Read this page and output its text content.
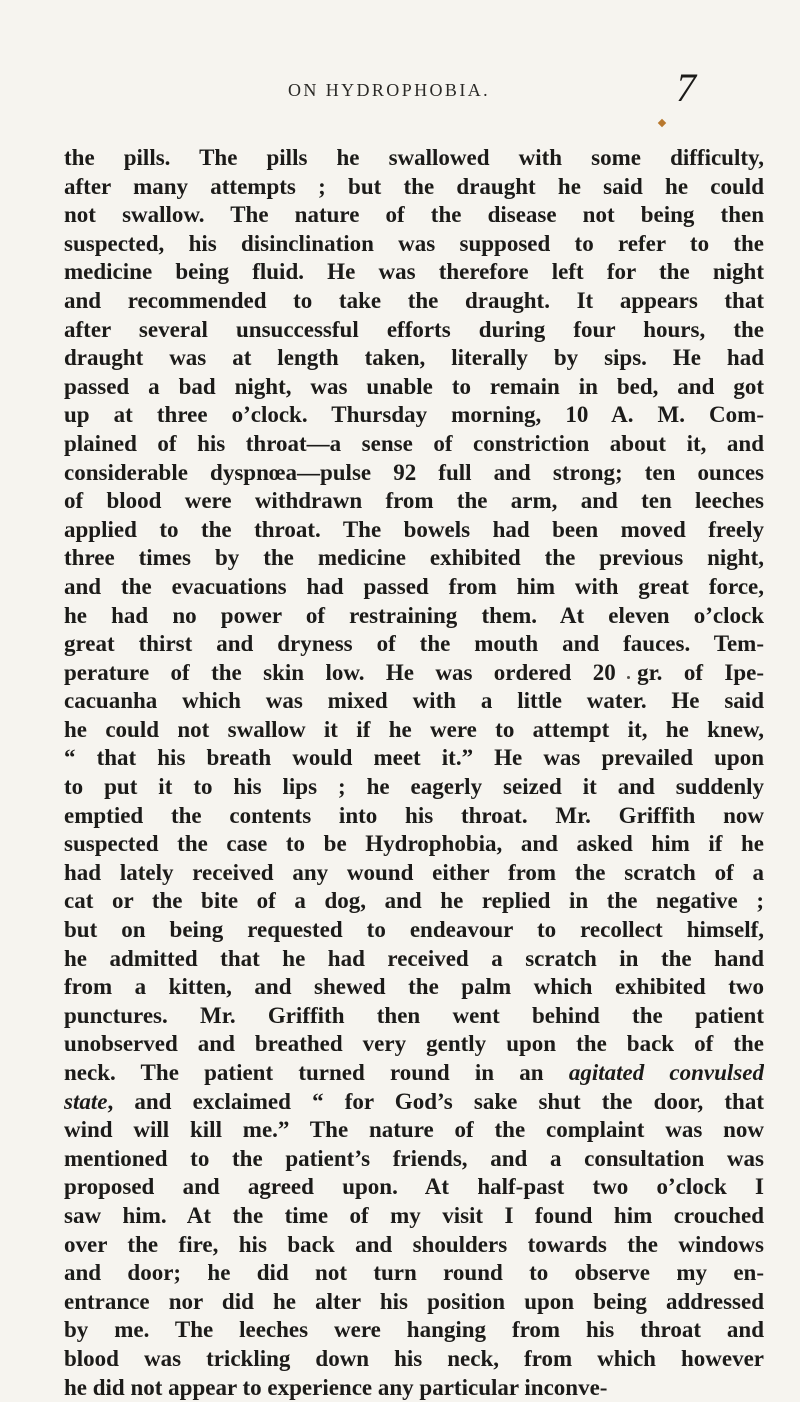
ON HYDROPHOBIA.	7
the pills. The pills he swallowed with some difficulty,
after many attempts ; but the draught he said he could
not swallow. The nature of the disease not being then
suspected, his disinclination was supposed to refer to the
medicine being fluid. He was therefore left for the night
and recommended to take the draught. It appears that
after several unsuccessful efforts during four hours, the
draught was at length taken, literally by sips. He had
passed a bad night, was unable to remain in bed, and got
up at three o’clock. Thursday morning, 10 A. M. Com-
plained of his throat—a sense of constriction about it, and
considerable dyspnœa—pulse 92 full and strong; ten ounces
of blood were withdrawn from the arm, and ten leeches
applied to the throat. The bowels had been moved freely
three times by the medicine exhibited the previous night,
and the evacuations had passed from him with great force,
he had no power of restraining them. At eleven o’clock
great thirst and dryness of the mouth and fauces. Tem-
perature of the skin low. He was ordered 20 gr. of Ipe-
cacuanha which was mixed with a little water. He said
he could not swallow it if he were to attempt it, he knew,
“ that his breath would meet it.” He was prevailed upon
to put it to his lips ; he eagerly seized it and suddenly
emptied the contents into his throat. Mr. Griffith now
suspected the case to be Hydrophobia, and asked him if he
had lately received any wound either from the scratch of a
cat or the bite of a dog, and he replied in the negative ;
but on being requested to endeavour to recollect himself,
he admitted that he had received a scratch in the hand
from a kitten, and shewed the palm which exhibited two
punctures. Mr. Griffith then went behind the patient
unobserved and breathed very gently upon the back of the
neck. The patient turned round in an agitated convulsed
state, and exclaimed “ for God’s sake shut the door, that
wind will kill me.” The nature of the complaint was now
mentioned to the patient’s friends, and a consultation was
proposed and agreed upon. At half-past two o’clock I
saw him. At the time of my visit I found him crouched
over the fire, his back and shoulders towards the windows
and door; he did not turn round to observe my en-
entrance nor did he alter his position upon being addressed
by me. The leeches were hanging from his throat and
blood was trickling down his neck, from which however
he did not appear to experience any particular inconve-
